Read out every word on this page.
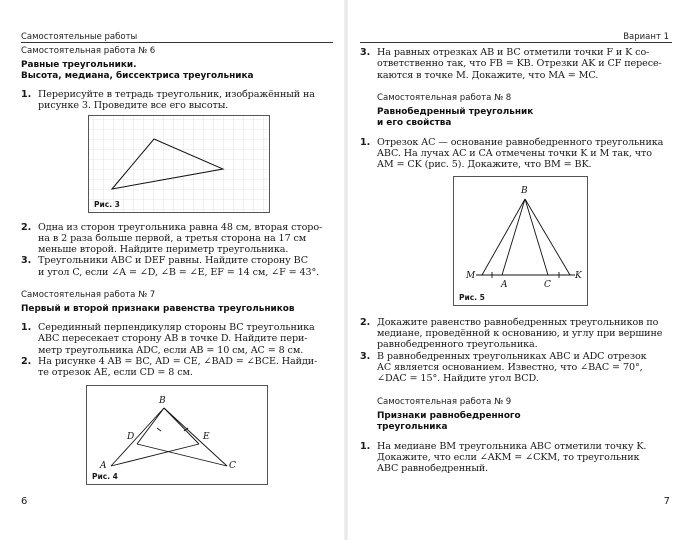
Самостоятельные работы

Самостоятельная работа № 6

Равные треугольники.

Высота, медиана, биссектриса треугольника

1. Перерисуйте в тетрадь треугольник, изображённый на
рисунке 3. Проведите все его высоты.
Рис. 3
2. Одна из сторон треугольника равна 48 см, вторая сторо-
на в 2 раза больше первой, а третья сторона на 17 см
меньше второй. Найдите периметр треугольника.
3. Треугольники ABC и DEF равны. Найдите сторону BC
и угол C, если ∠A = ∠D, ∠B = ∠E, EF = 14 см, ∠F = 43°.

Самостоятельная работа № 7

Первый и второй признаки равенства треугольников

1. Серединный перпендикуляр стороны BC треугольника
ABC пересекает сторону AB в точке D. Найдите пери-
метр треугольника ADC, если AB = 10 см, AC = 8 см.
2. На рисунке 4 AB = BC, AD = CE, ∠BAD = ∠BCE. Найди-
те отрезок AE, если CD = 8 см.
B
A	C
D	E
Рис. 4
6
Вариант 1
3. На равных отрезках AB и BC отметили точки F и K со-
ответственно так, что FB = KB. Отрезки AK и CF пересе-
каются в точке M. Докажите, что MA = MC.

Самостоятельная работа № 8

Равнобедренный треугольник

и его свойства

1. Отрезок AC — основание равнобедренного треугольника
ABC. На лучах AC и CA отмечены точки K и M так, что
AM = CK (рис. 5). Докажите, что BM = BK.
B
M
A	C
K
Рис. 5
2. Докажите равенство равнобедренных треугольников по
медиане, проведённой к основанию, и углу при вершине
равнобедренного треугольника.
3. В равнобедренных треугольниках ABC и ADC отрезок
AC является основанием. Известно, что ∠BAC = 70°,
∠DAC = 15°. Найдите угол BCD.

Самостоятельная работа № 9

Признаки равнобедренного

треугольника

1. На медиане BM треугольника ABC отметили точку K.
Докажите, что если ∠AKM = ∠CKM, то треугольник
ABC равнобедренный.
7
